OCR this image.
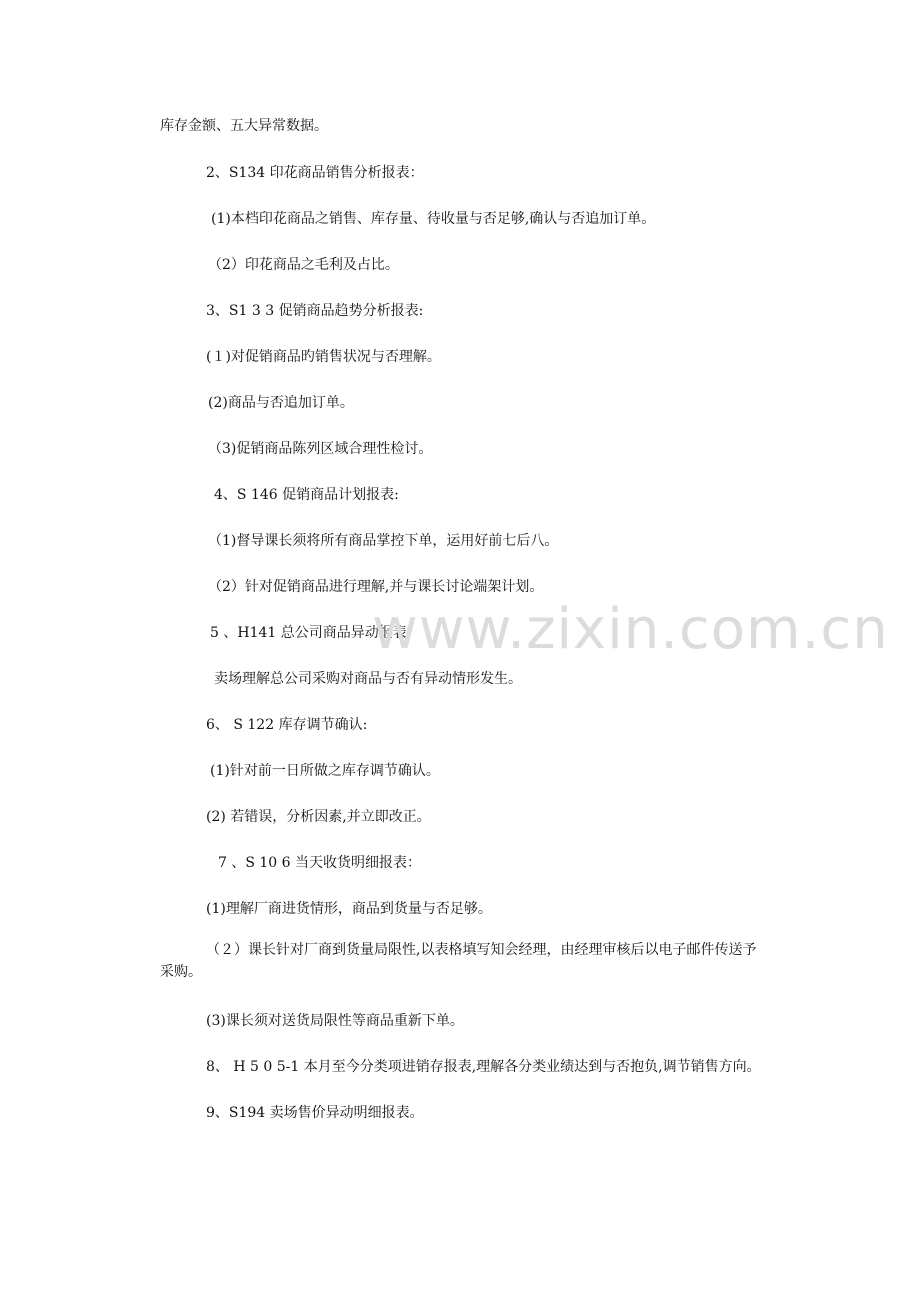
库存金额、五大异常数据。
2、S134 印花商品销售分析报表：
(1)本档印花商品之销售、库存量、待收量与否足够,确认与否追加订单。
（2）印花商品之毛利及占比。
3、S1 3 3 促销商品趋势分析报表:
(１)对促销商品旳销售状况与否理解。
(2)商品与否追加订单。
（3)促销商品陈列区域合理性检讨。
4、S 146 促销商品计划报表:
（1)督导课长须将所有商品掌控下单，运用好前七后八。
（2）针对促销商品进行理解,并与课长讨论端架计划。
5 、H141 总公司商品异动报表:
卖场理解总公司采购对商品与否有异动情形发生。
6、 S 122 库存调节确认:
(1)针对前一日所做之库存调节确认。
(2) 若错误，分析因素,并立即改正。
7 、S 10 6 当天收货明细报表：
(1)理解厂商进货情形，商品到货量与否足够。
（２）课长针对厂商到货量局限性,以表格填写知会经理，由经理审核后以电子邮件传送予
采购。
(3)课长须对送货局限性等商品重新下单。
8、 H 5 0 5-1 本月至今分类项进销存报表,理解各分类业绩达到与否抱负,调节销售方向。
9、S194 卖场售价异动明细报表。
www.zixin.com.cn
